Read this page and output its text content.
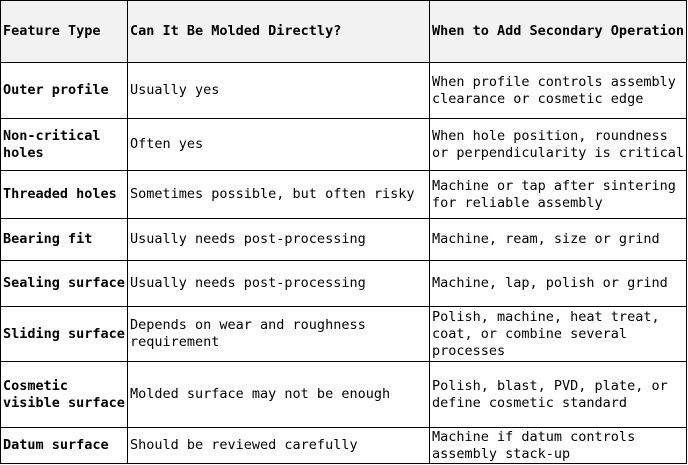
Feature Type	Can It Be Molded Directly?	When to Add Secondary Operation
Outer profile	Usually yes	When profile controls assembly clearance or cosmetic edge
Non-critical holes	Often yes	When hole position, roundness or perpendicularity is critical
Threaded holes	Sometimes possible, but often risky	Machine or tap after sintering for reliable assembly
Bearing fit	Usually needs post-processing	Machine, ream, size or grind
Sealing surface	Usually needs post-processing	Machine, lap, polish or grind
Sliding surface	Depends on wear and roughness requirement	Polish, machine, heat treat, coat, or combine several processes
Cosmetic visible surface	Molded surface may not be enough	Polish, blast, PVD, plate, or define cosmetic standard
Datum surface	Should be reviewed carefully	Machine if datum controls assembly stack-up
